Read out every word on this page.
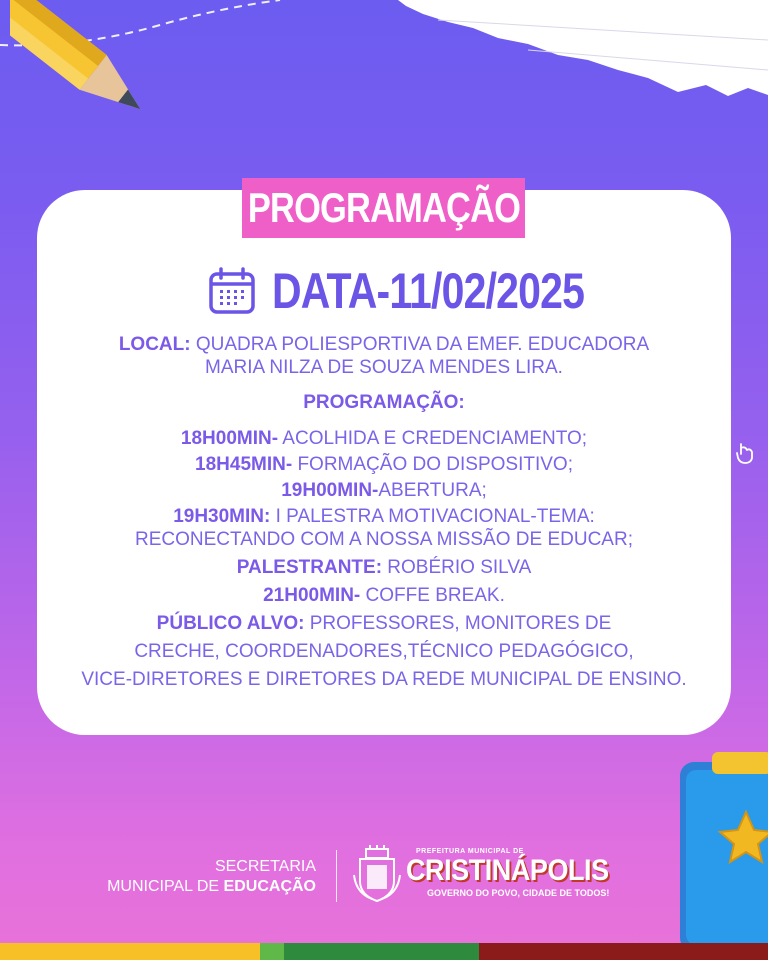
PROGRAMAÇÃO
DATA-11/02/2025
LOCAL: QUADRA POLIESPORTIVA DA EMEF. EDUCADORA
MARIA NILZA DE SOUZA MENDES LIRA.
PROGRAMAÇÃO:
18H00MIN- ACOLHIDA E CREDENCIAMENTO;
18H45MIN- FORMAÇÃO DO DISPOSITIVO;
19H00MIN-ABERTURA;
19H30MIN: I PALESTRA MOTIVACIONAL-TEMA:
RECONECTANDO COM A NOSSA MISSÃO DE EDUCAR;
PALESTRANTE: ROBÉRIO SILVA
21H00MIN- COFFE BREAK.
PÚBLICO ALVO: PROFESSORES, MONITORES DE
CRECHE, COORDENADORES,TÉCNICO PEDAGÓGICO,
VICE-DIRETORES E DIRETORES DA REDE MUNICIPAL DE ENSINO.
SECRETARIA
MUNICIPAL DE EDUCAÇÃO
PREFEITURA MUNICIPAL DE
CRISTINÁPOLIS
GOVERNO DO POVO, CIDADE DE TODOS!
